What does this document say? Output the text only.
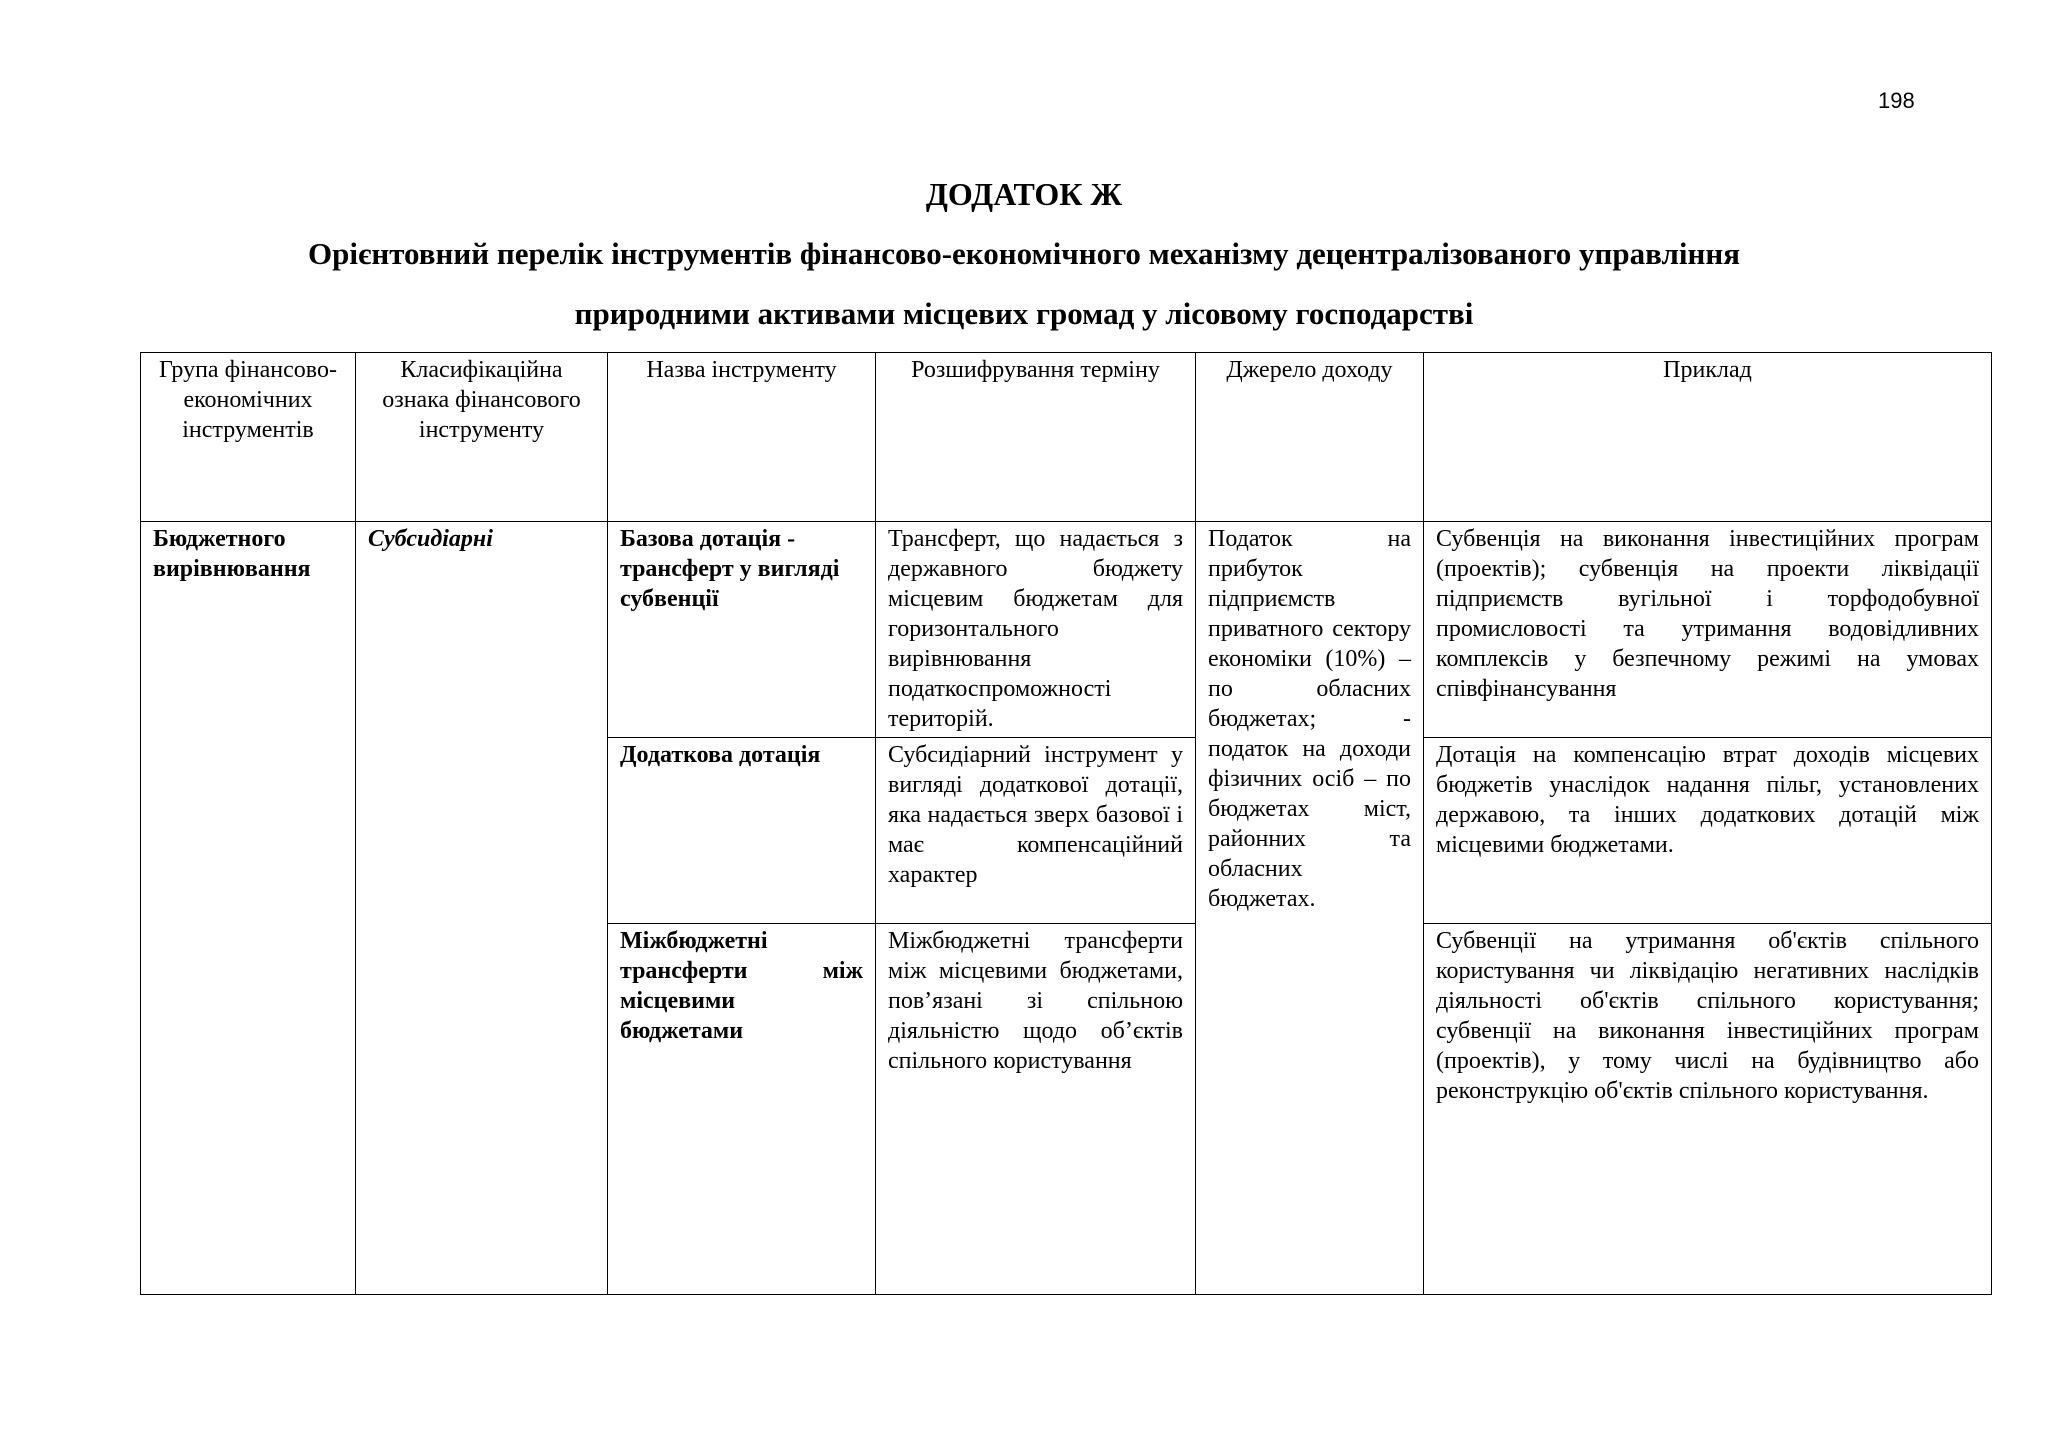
198
ДОДАТОК Ж
Орієнтовний перелік інструментів фінансово-економічного механізму децентралізованого управління
природними активами місцевих громад у лісовому господарстві
Група фінансово-економічних інструментів	Класифікаційна ознака фінансового інструменту	Назва інструменту	Розшифрування терміну	Джерело доходу	Приклад
Бюджетного вирівнювання	Субсидіарні	Базова дотація - трансферт у вигляді субвенції	Трансферт, що надається з державного бюджету місцевим бюджетам для горизонтального вирівнювання податкоспроможності територій.	Податок на прибуток підприємств приватного сектору економіки (10%) – по обласних бюджетах; - податок на доходи фізичних осіб – по бюджетах міст, районних та обласних бюджетах.	Субвенція на виконання інвестиційних програм (проектів); субвенція на проекти ліквідації підприємств вугільної і торфодобувної промисловості та утримання водовідливних комплексів у безпечному режимі на умовах співфінансування
		Додаткова дотація	Субсидіарний інструмент у вигляді додаткової дотації, яка надається зверх базової і має компенсаційний характер		Дотація на компенсацію втрат доходів місцевих бюджетів унаслідок надання пільг, установлених державою, та інших додаткових дотацій між місцевими бюджетами.
		Міжбюджетні трансферти між місцевими бюджетами	Міжбюджетні трансферти між місцевими бюджетами, пов’язані зі спільною діяльністю щодо об’єктів спільного користування		Субвенції на утримання об'єктів спільного користування чи ліквідацію негативних наслідків діяльності об'єктів спільного користування; субвенції на виконання інвестиційних програм (проектів), у тому числі на будівництво або реконструкцію об'єктів спільного користування.
